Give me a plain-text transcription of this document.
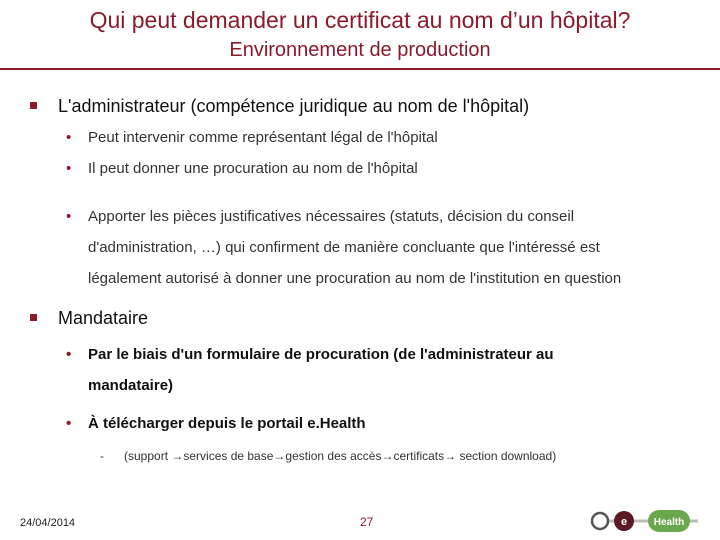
Qui peut demander un certificat au nom d’un hôpital?
Environnement de production
L'administrateur (compétence juridique au nom de l'hôpital)
• Peut intervenir comme représentant légal de l'hôpital
• Il peut donner une procuration au nom de l'hôpital
• Apporter les pièces justificatives nécessaires (statuts, décision du conseil
d'administration, …) qui confirment de manière concluante que l'intéressé est
légalement autorisé à donner une procuration au nom de l'institution en question
Mandataire
• Par le biais d'un formulaire de procuration (de l'administrateur au
mandataire)
• À télécharger depuis le portail e.Health
- (support →services de base→gestion des accès→certificats→ section download)
24/04/2014	27	e	Health
